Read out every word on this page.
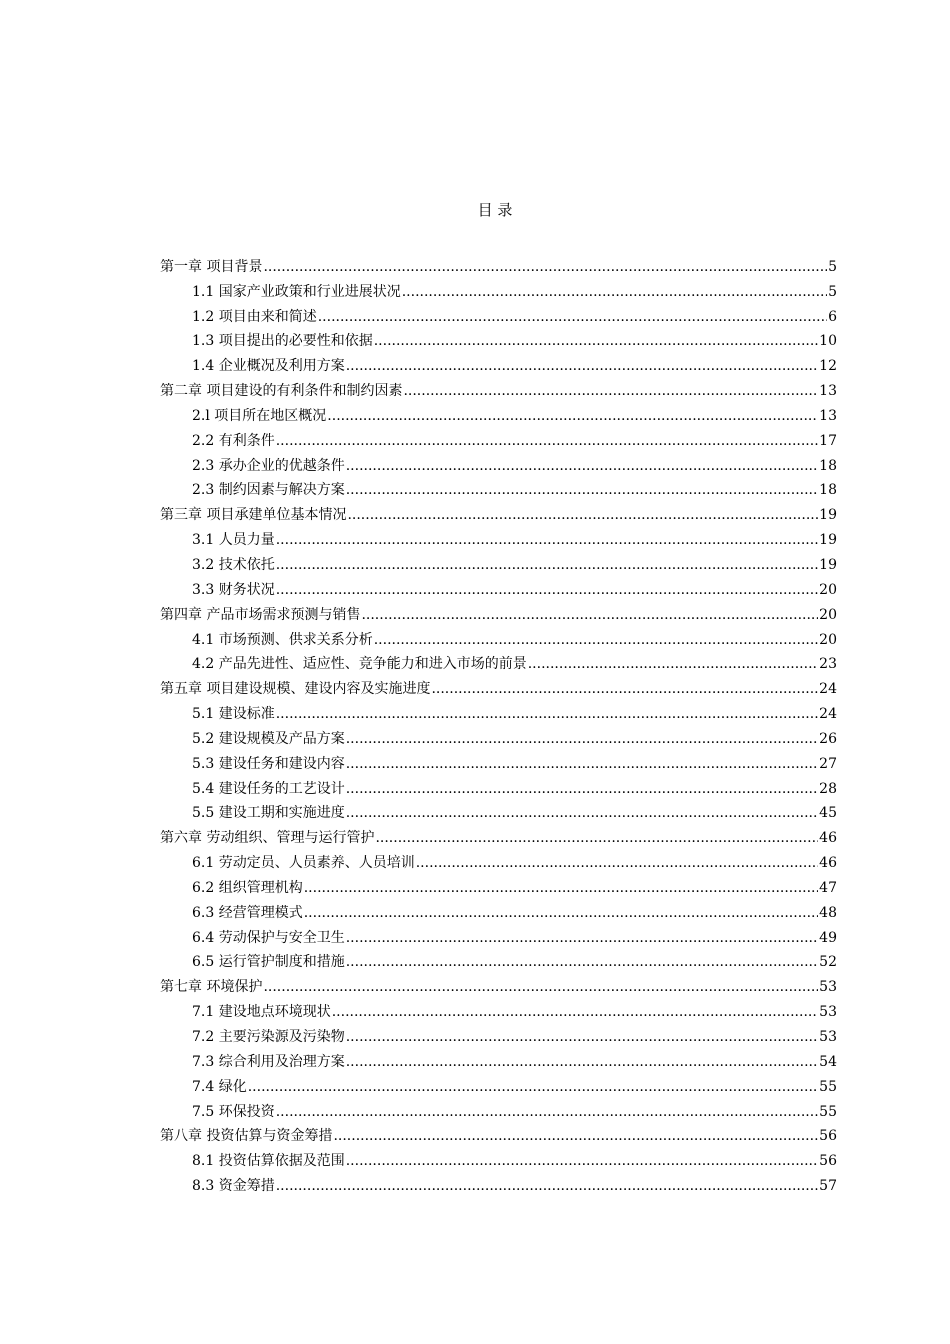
目 录
第一章 项目背景 .....	5
1.1 国家产业政策和行业进展状况 .....	5
1.2 项目由来和简述 .....	6
1.3 项目提出的必要性和依据 .....	10
1.4 企业概况及利用方案 .....	12
第二章 项目建设的有利条件和制约因素 .....	13
2.l 项目所在地区概况 .....	13
2.2 有利条件 .....	17
2.3 承办企业的优越条件 .....	18
2.3 制约因素与解决方案 .....	18
第三章 项目承建单位基本情况 .....	19
3.1 人员力量 .....	19
3.2 技术依托 .....	19
3.3 财务状况 .....	20
第四章 产品市场需求预测与销售 .....	20
4.1 市场预测、供求关系分析 .....	20
4.2 产品先进性、适应性、竞争能力和进入市场的前景 .....	23
第五章 项目建设规模、建设内容及实施进度 .....	24
5.1 建设标准 .....	24
5.2 建设规模及产品方案 .....	26
5.3 建设任务和建设内容 .....	27
5.4 建设任务的工艺设计 .....	28
5.5 建设工期和实施进度 .....	45
第六章 劳动组织、管理与运行管护 .....	46
6.1 劳动定员、人员素养、人员培训 .....	46
6.2 组织管理机构 .....	47
6.3 经营管理模式 .....	48
6.4 劳动保护与安全卫生 .....	49
6.5 运行管护制度和措施 .....	52
第七章 环境保护 .....	53
7.1 建设地点环境现状 .....	53
7.2 主要污染源及污染物 .....	53
7.3 综合利用及治理方案 .....	54
7.4 绿化 .....	55
7.5 环保投资 .....	55
第八章 投资估算与资金筹措 .....	56
8.1 投资估算依据及范围 .....	56
8.3 资金筹措 .....	57
